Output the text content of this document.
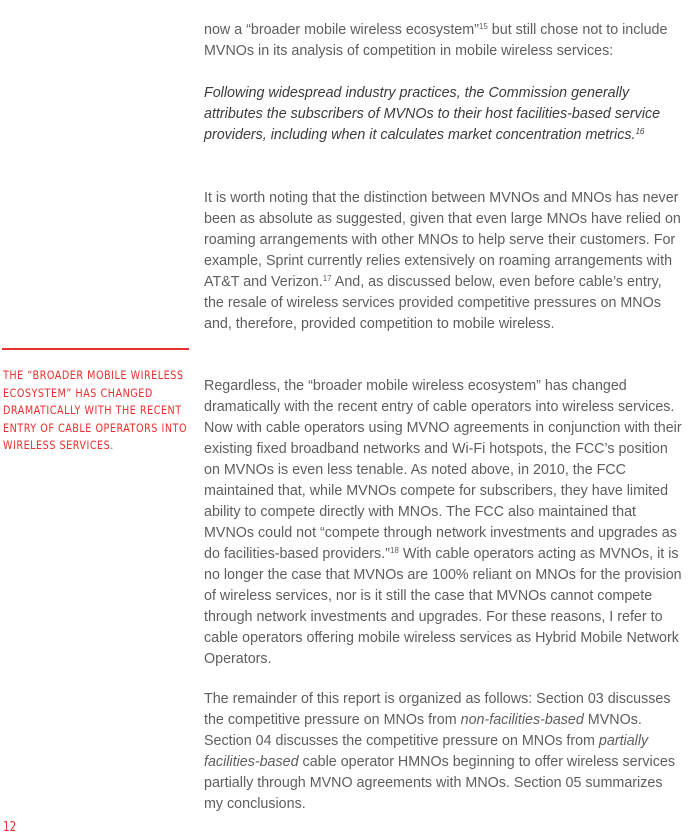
now a “broader mobile wireless ecosystem”$^{15}$ but still chose not to include MVNOs in its analysis of competition in mobile wireless services:

Following widespread industry practices, the Commission generally attributes the subscribers of MVNOs to their host facilities-based service providers, including when it calculates market concentration metrics.$^{16}$

It is worth noting that the distinction between MVNOs and MNOs has never been as absolute as suggested, given that even large MNOs have relied on roaming arrangements with other MNOs to help serve their customers. For example, Sprint currently relies extensively on roaming arrangements with AT&T and Verizon.$^{17}$ And, as discussed below, even before cable’s entry, the resale of wireless services provided competitive pressures on MNOs and, therefore, provided competition to mobile wireless.

THE “BROADER MOBILE WIRELESS ECOSYSTEM” HAS CHANGED DRAMATICALLY WITH THE RECENT ENTRY OF CABLE OPERATORS INTO WIRELESS SERVICES.

Regardless, the “broader mobile wireless ecosystem” has changed dramatically with the recent entry of cable operators into wireless services. Now with cable operators using MVNO agreements in conjunction with their existing fixed broadband networks and Wi-Fi hotspots, the FCC’s position on MVNOs is even less tenable. As noted above, in 2010, the FCC maintained that, while MVNOs compete for subscribers, they have limited ability to compete directly with MNOs. The FCC also maintained that MVNOs could not “compete through network investments and upgrades as do facilities-based providers.”$^{18}$ With cable operators acting as MVNOs, it is no longer the case that MVNOs are 100% reliant on MNOs for the provision of wireless services, nor is it still the case that MVNOs cannot compete through network investments and upgrades. For these reasons, I refer to cable operators offering mobile wireless services as Hybrid Mobile Network Operators.

The remainder of this report is organized as follows: Section 03 discusses the competitive pressure on MNOs from non-facilities-based MVNOs. Section 04 discusses the competitive pressure on MNOs from partially facilities-based cable operator HMNOs beginning to offer wireless services partially through MVNO agreements with MNOs. Section 05 summarizes my conclusions.

12
